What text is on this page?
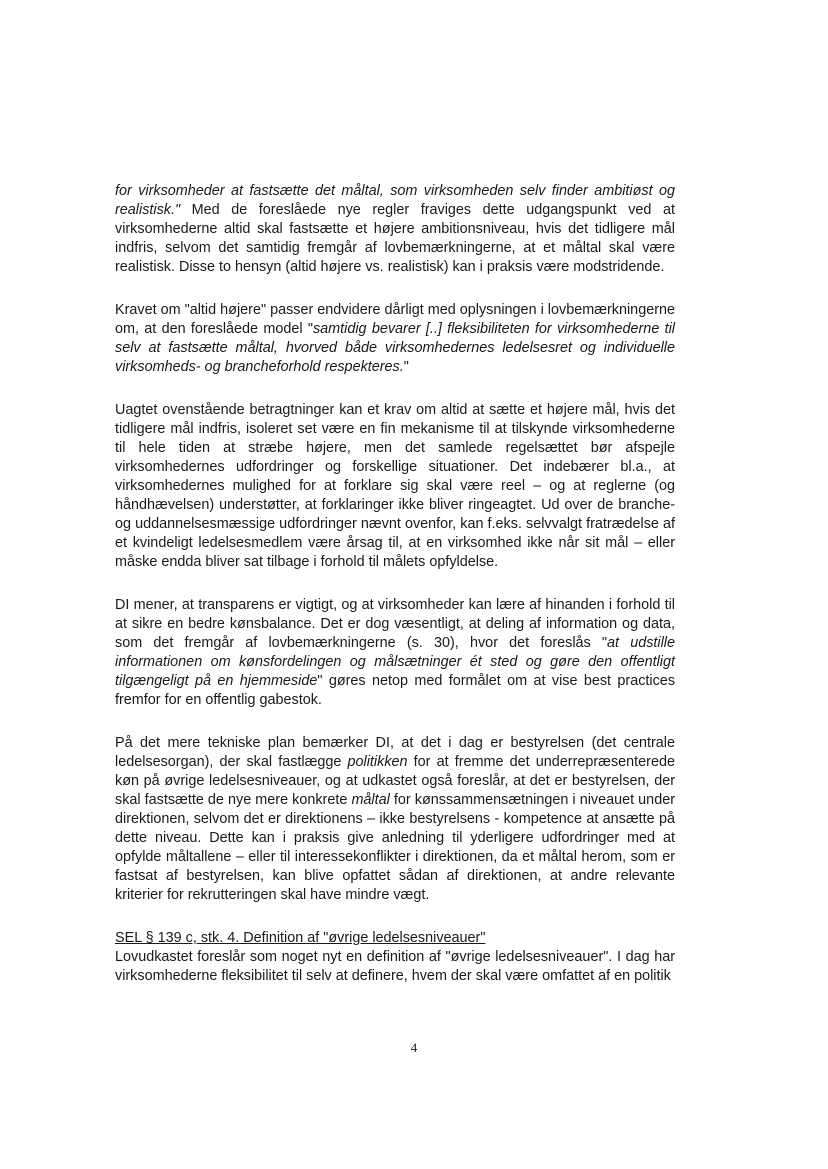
for virksomheder at fastsætte det måltal, som virksomheden selv finder ambitiøst og realistisk." Med de foreslåede nye regler fraviges dette udgangspunkt ved at virksomhederne altid skal fastsætte et højere ambitionsniveau, hvis det tidligere mål indfris, selvom det samtidig fremgår af lovbemærkningerne, at et måltal skal være realistisk. Disse to hensyn (altid højere vs. realistisk) kan i praksis være modstridende.

Kravet om "altid højere" passer endvidere dårligt med oplysningen i lovbemærkningerne om, at den foreslåede model "samtidig bevarer [..] fleksibiliteten for virksomhederne til selv at fastsætte måltal, hvorved både virksomhedernes ledelsesret og individuelle virksomheds- og brancheforhold respekteres."

Uagtet ovenstående betragtninger kan et krav om altid at sætte et højere mål, hvis det tidligere mål indfris, isoleret set være en fin mekanisme til at tilskynde virksomhederne til hele tiden at stræbe højere, men det samlede regelsættet bør afspejle virksomhedernes udfordringer og forskellige situationer. Det indebærer bl.a., at virksomhedernes mulighed for at forklare sig skal være reel – og at reglerne (og håndhævelsen) understøtter, at forklaringer ikke bliver ringeagtet. Ud over de branche- og uddannelsesmæssige udfordringer nævnt ovenfor, kan f.eks. selvvalgt fratrædelse af et kvindeligt ledelsesmedlem være årsag til, at en virksomhed ikke når sit mål – eller måske endda bliver sat tilbage i forhold til målets opfyldelse.

DI mener, at transparens er vigtigt, og at virksomheder kan lære af hinanden i forhold til at sikre en bedre kønsbalance. Det er dog væsentligt, at deling af information og data, som det fremgår af lovbemærkningerne (s. 30), hvor det foreslås "at udstille informationen om kønsfordelingen og målsætninger ét sted og gøre den offentligt tilgængeligt på en hjemmeside" gøres netop med formålet om at vise best practices fremfor for en offentlig gabestok.

På det mere tekniske plan bemærker DI, at det i dag er bestyrelsen (det centrale ledelsesorgan), der skal fastlægge politikken for at fremme det underrepræsenterede køn på øvrige ledelsesniveauer, og at udkastet også foreslår, at det er bestyrelsen, der skal fastsætte de nye mere konkrete måltal for kønssammensætningen i niveauet under direktionen, selvom det er direktionens – ikke bestyrelsens - kompetence at ansætte på dette niveau. Dette kan i praksis give anledning til yderligere udfordringer med at opfylde måltallene – eller til interessekonflikter i direktionen, da et måltal herom, som er fastsat af bestyrelsen, kan blive opfattet sådan af direktionen, at andre relevante kriterier for rekrutteringen skal have mindre vægt.

SEL § 139 c, stk. 4. Definition af "øvrige ledelsesniveauer"

Lovudkastet foreslår som noget nyt en definition af "øvrige ledelsesniveauer". I dag har virksomhederne fleksibilitet til selv at definere, hvem der skal være omfattet af en politik

4
